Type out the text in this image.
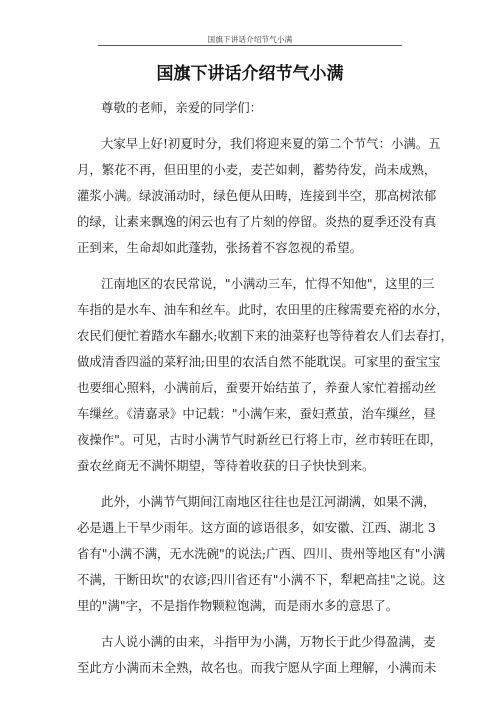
国旗下讲话介绍节气小满
国旗下讲话介绍节气小满
尊敬的老师，亲爱的同学们：
大家早上好!初夏时分，我们将迎来夏的第二个节气：小满。五
月，繁花不再，但田里的小麦，麦芒如刺，蓄势待发，尚未成熟，
灌浆小满。绿波涌动时，绿色便从田畴，连接到半空，那高树浓郁
的绿，让素来飘逸的闲云也有了片刻的停留。炎热的夏季还没有真
正到来，生命却如此蓬勃，张扬着不容忽视的希望。
江南地区的农民常说，"小满动三车，忙得不知他"，这里的三
车指的是水车、油车和丝车。此时，农田里的庄稼需要充裕的水分，
农民们便忙着踏水车翻水;收割下来的油菜籽也等待着农人们去春打，
做成清香四溢的菜籽油;田里的农活自然不能耽误。可家里的蚕宝宝
也要细心照料，小满前后，蚕要开始结茧了，养蚕人家忙着摇动丝
车缫丝。《清嘉录》中记载："小满乍来，蚕妇煮茧，治车缫丝，昼
夜操作"。可见，古时小满节气时新丝已行将上市，丝市转旺在即，
蚕农丝商无不满怀期望，等待着收获的日子快快到来。
此外，小满节气期间江南地区往往也是江河湖满，如果不满，
必是遇上干旱少雨年。这方面的谚语很多，如安徽、江西、湖北 3
省有"小满不满，无水洗碗"的说法;广西、四川、贵州等地区有"小满
不满，干断田坎"的农谚;四川省还有"小满不下，犁耙高挂"之说。这
里的"满"字，不是指作物颗粒饱满，而是雨水多的意思了。
古人说小满的由来，斗指甲为小满，万物长于此少得盈满，麦
至此方小满而未全熟，故名也。而我宁愿从字面上理解，小满而未
